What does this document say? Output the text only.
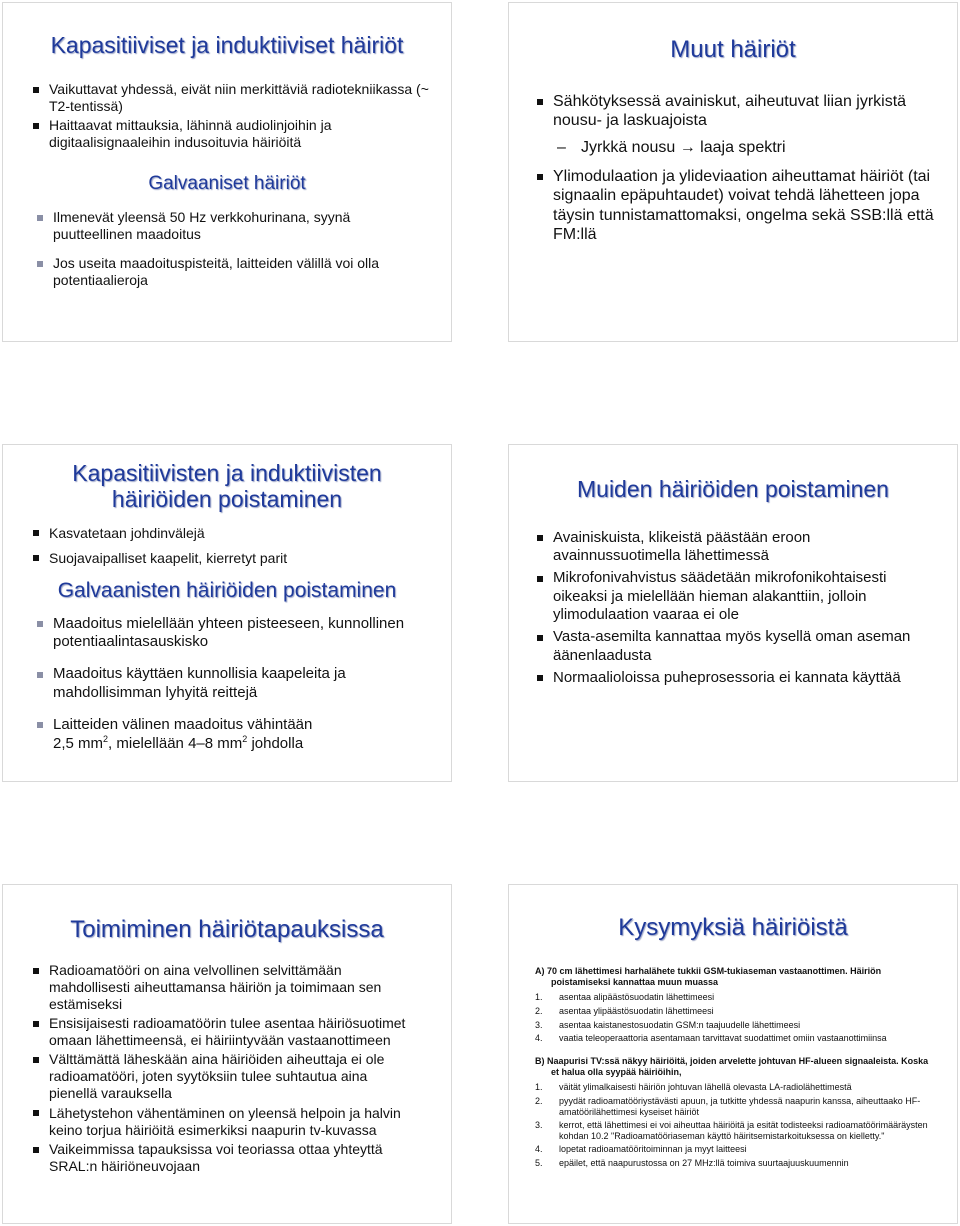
Kapasitiiviset ja induktiiviset häiriöt
Vaikuttavat yhdessä, eivät niin merkittäviä radiotekniikassa (~ T2-tentissä)
Haittaavat mittauksia, lähinnä audiolinjoihin ja digitaalisignaaleihin indusoituvia häiriöitä
Galvaaniset häiriöt
Ilmenevät yleensä 50 Hz verkkohurinana, syynä puutteellinen maadoitus
Jos useita maadoituspisteitä, laitteiden välillä voi olla potentiaalieroja
Muut häiriöt
Sähkötyksessä avainiskut, aiheutuvat liian jyrkistä nousu- ja laskuajoista
– Jyrkkä nousu → laaja spektri
Ylimodulaation ja ylideviaation aiheuttamat häiriöt (tai signaalin epäpuhtaudet) voivat tehdä lähetteen jopa täysin tunnistamattomaksi, ongelma sekä SSB:llä että FM:llä
Kapasitiivisten ja induktiivisten
häiriöiden poistaminen
Kasvatetaan johdinvälejä
Suojavaipalliset kaapelit, kierretyt parit
Galvaanisten häiriöiden poistaminen
Maadoitus mielellään yhteen pisteeseen, kunnollinen potentiaalintasauskisko
Maadoitus käyttäen kunnollisia kaapeleita ja mahdollisimman lyhyitä reittejä
Laitteiden välinen maadoitus vähintään
2,5 $mm^2$, mielellään 4–8 $mm^2$ johdolla
Muiden häiriöiden poistaminen
Avainiskuista, klikeistä päästään eroon avainnussuotimella lähettimessä
Mikrofonivahvistus säädetään mikrofonikohtaisesti oikeaksi ja mielellään hieman alakanttiin, jolloin ylimodulaation vaaraa ei ole
Vasta-asemilta kannattaa myös kysellä oman aseman äänenlaadusta
Normaalioloissa puheprosessoria ei kannata käyttää
Toimiminen häiriötapauksissa
Radioamatööri on aina velvollinen selvittämään mahdollisesti aiheuttamansa häiriön ja toimimaan sen estämiseksi
Ensisijaisesti radioamatöörin tulee asentaa häiriösuotimet omaan lähettimeensä, ei häiriintyvään vastaanottimeen
Välttämättä läheskään aina häiriöiden aiheuttaja ei ole radioamatööri, joten syytöksiin tulee suhtautua aina pienellä varauksella
Lähetystehon vähentäminen on yleensä helpoin ja halvin keino torjua häiriöitä esimerkiksi naapurin tv-kuvassa
Vaikeimmissa tapauksissa voi teoriassa ottaa yhteyttä SRAL:n häiriöneuvojaan
Kysymyksiä häiriöistä
A) 70 cm lähettimesi harhalähete tukkii GSM-tukiaseman vastaanottimen. Häiriön poistamiseksi kannattaa muun muassa
1. asentaa alipäästösuodatin lähettimeesi
2. asentaa ylipäästösuodatin lähettimeesi
3. asentaa kaistanestosuodatin GSM:n taajuudelle lähettimeesi
4. vaatia teleoperaattoria asentamaan tarvittavat suodattimet omiin vastaanottimiinsa
B) Naapurisi TV:ssä näkyy häiriöitä, joiden arvelette johtuvan HF-alueen signaaleista. Koska et halua olla syypää häiriöihin,
1. väität ylimalkaisesti häiriön johtuvan lähellä olevasta LA-radiolähettimestä
2. pyydät radioamatööriystävästi apuun, ja tutkitte yhdessä naapurin kanssa, aiheuttaako HF-amatöörilähettimesi kyseiset häiriöt
3. kerrot, että lähettimesi ei voi aiheuttaa häiriöitä ja esität todisteeksi radioamatöörimääräysten kohdan 10.2 "Radioamatööriaseman käyttö häiritsemistarkoituksessa on kielletty."
4. lopetat radioamatööritoiminnan ja myyt laitteesi
5. epäilet, että naapurustossa on 27 MHz:llä toimiva suurtaajuuskuumennin
